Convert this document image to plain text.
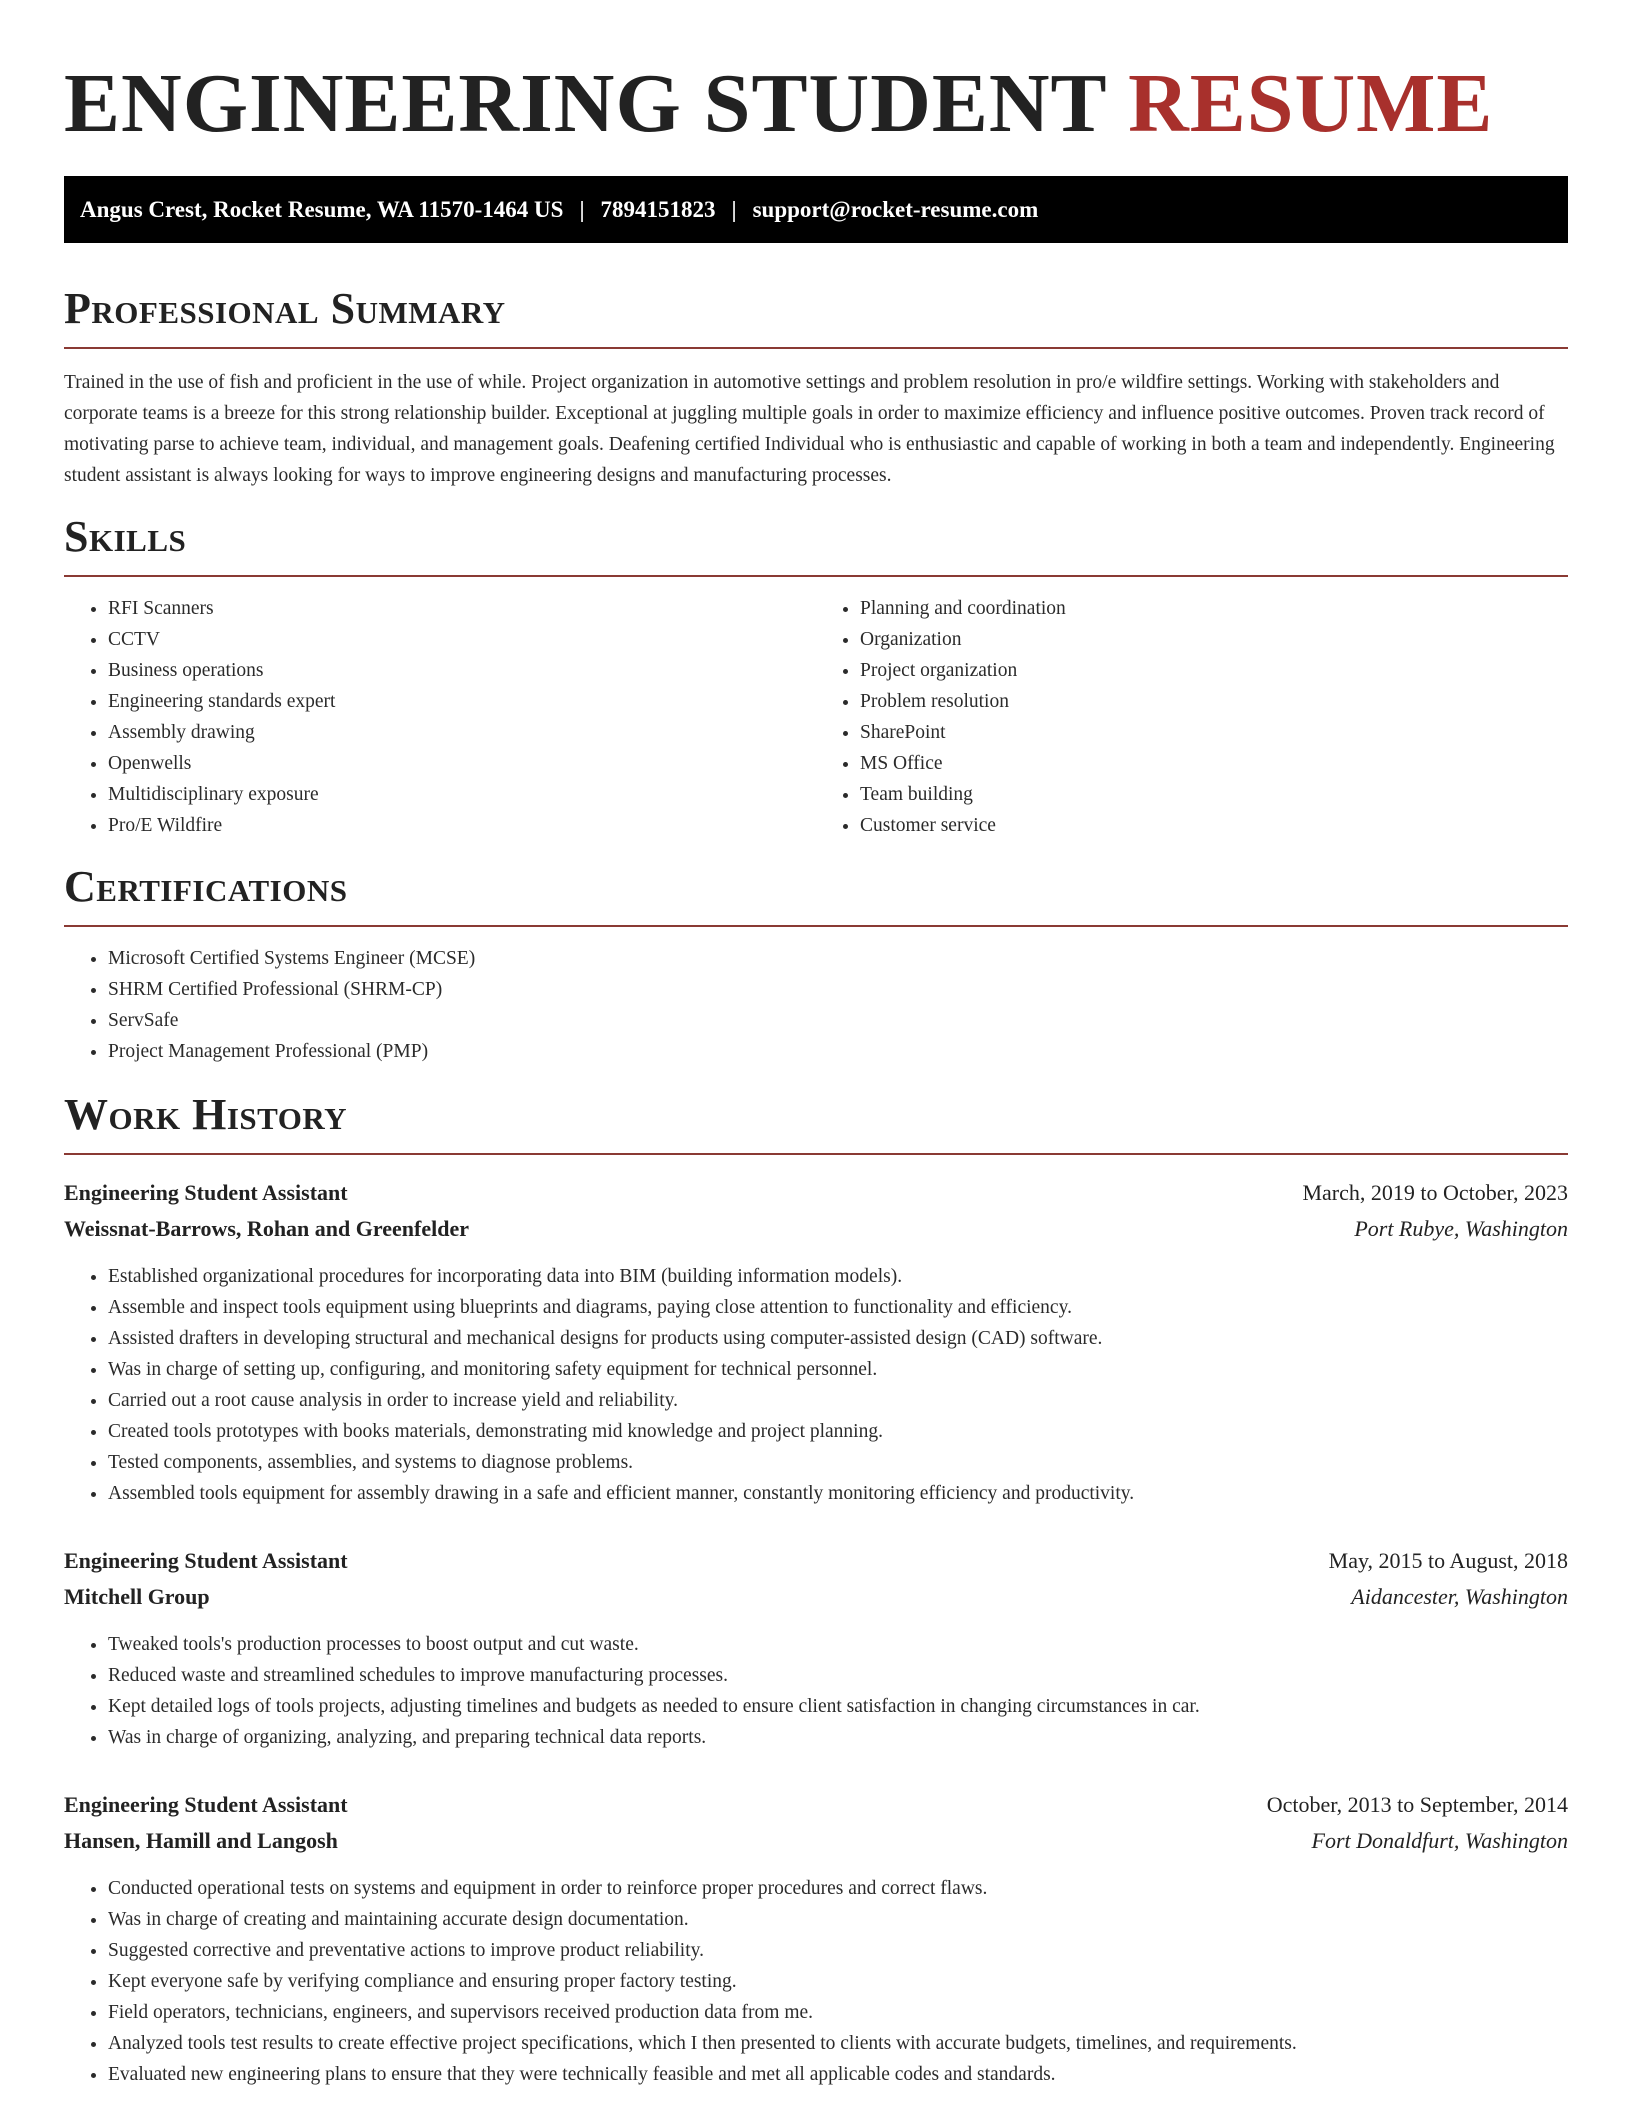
ENGINEERING STUDENT RESUME
Angus Crest, Rocket Resume, WA 11570-1464 US | 7894151823 | support@rocket-resume.com
Professional Summary

Trained in the use of fish and proficient in the use of while. Project organization in automotive settings and problem resolution in pro/e wildfire settings. Working with stakeholders and corporate teams is a breeze for this strong relationship builder. Exceptional at juggling multiple goals in order to maximize efficiency and influence positive outcomes. Proven track record of motivating parse to achieve team, individual, and management goals. Deafening certified Individual who is enthusiastic and capable of working in both a team and independently. Engineering student assistant is always looking for ways to improve engineering designs and manufacturing processes.

Skills
• RFI Scanners
• CCTV
• Business operations
• Engineering standards expert
• Assembly drawing
• Openwells
• Multidisciplinary exposure
• Pro/E Wildfire
• Planning and coordination
• Organization
• Project organization
• Problem resolution
• SharePoint
• MS Office
• Team building
• Customer service
Certifications
• Microsoft Certified Systems Engineer (MCSE)
• SHRM Certified Professional (SHRM-CP)
• ServSafe
• Project Management Professional (PMP)
Work History
Engineering Student Assistant	March, 2019 to October, 2023
Weissnat-Barrows, Rohan and Greenfelder	Port Rubye, Washington
• Established organizational procedures for incorporating data into BIM (building information models).
• Assemble and inspect tools equipment using blueprints and diagrams, paying close attention to functionality and efficiency.
• Assisted drafters in developing structural and mechanical designs for products using computer-assisted design (CAD) software.
• Was in charge of setting up, configuring, and monitoring safety equipment for technical personnel.
• Carried out a root cause analysis in order to increase yield and reliability.
• Created tools prototypes with books materials, demonstrating mid knowledge and project planning.
• Tested components, assemblies, and systems to diagnose problems.
• Assembled tools equipment for assembly drawing in a safe and efficient manner, constantly monitoring efficiency and productivity.
Engineering Student Assistant	May, 2015 to August, 2018
Mitchell Group	Aidancester, Washington
• Tweaked tools's production processes to boost output and cut waste.
• Reduced waste and streamlined schedules to improve manufacturing processes.
• Kept detailed logs of tools projects, adjusting timelines and budgets as needed to ensure client satisfaction in changing circumstances in car.
• Was in charge of organizing, analyzing, and preparing technical data reports.
Engineering Student Assistant	October, 2013 to September, 2014
Hansen, Hamill and Langosh	Fort Donaldfurt, Washington
• Conducted operational tests on systems and equipment in order to reinforce proper procedures and correct flaws.
• Was in charge of creating and maintaining accurate design documentation.
• Suggested corrective and preventative actions to improve product reliability.
• Kept everyone safe by verifying compliance and ensuring proper factory testing.
• Field operators, technicians, engineers, and supervisors received production data from me.
• Analyzed tools test results to create effective project specifications, which I then presented to clients with accurate budgets, timelines, and requirements.
• Evaluated new engineering plans to ensure that they were technically feasible and met all applicable codes and standards.
